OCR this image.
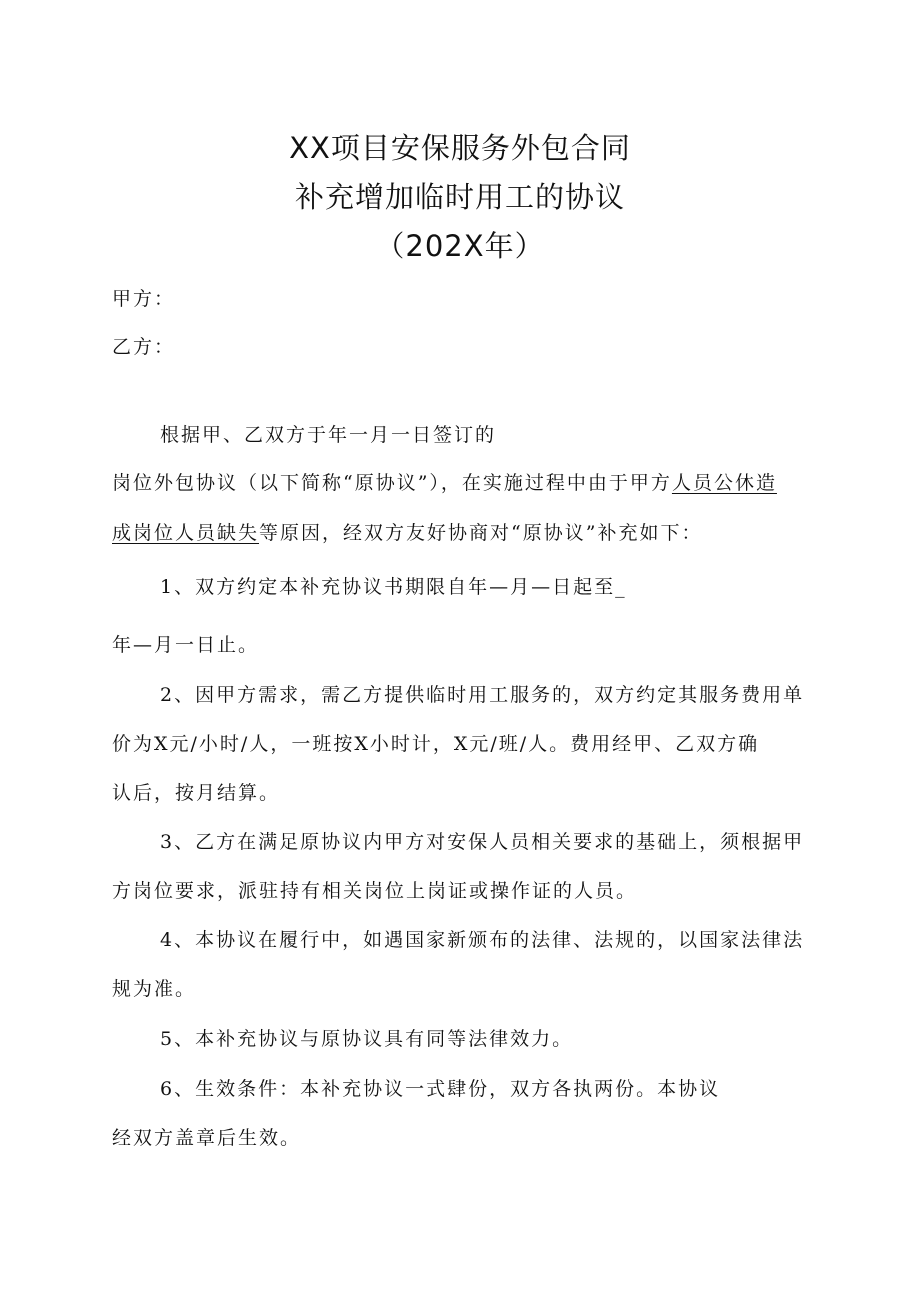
XX项目安保服务外包合同
补充增加临时用工的协议
（202X年）
甲方：
乙方：
根据甲、乙双方于年一月一日签订的
岗位外包协议（以下简称“原协议”），在实施过程中由于甲方人员公休造
成岗位人员缺失等原因，经双方友好协商对“原协议”补充如下：
1、双方约定本补充协议书期限自年—月—日起至_
年—月一日止。
2、因甲方需求，需乙方提供临时用工服务的，双方约定其服务费用单
价为X元/小时/人，一班按X小时计，X元/班/人。费用经甲、乙双方确
认后，按月结算。
3、乙方在满足原协议内甲方对安保人员相关要求的基础上，须根据甲
方岗位要求，派驻持有相关岗位上岗证或操作证的人员。
4、本协议在履行中，如遇国家新颁布的法律、法规的，以国家法律法
规为准。
5、本补充协议与原协议具有同等法律效力。
6、生效条件：本补充协议一式肆份，双方各执两份。本协议
经双方盖章后生效。
